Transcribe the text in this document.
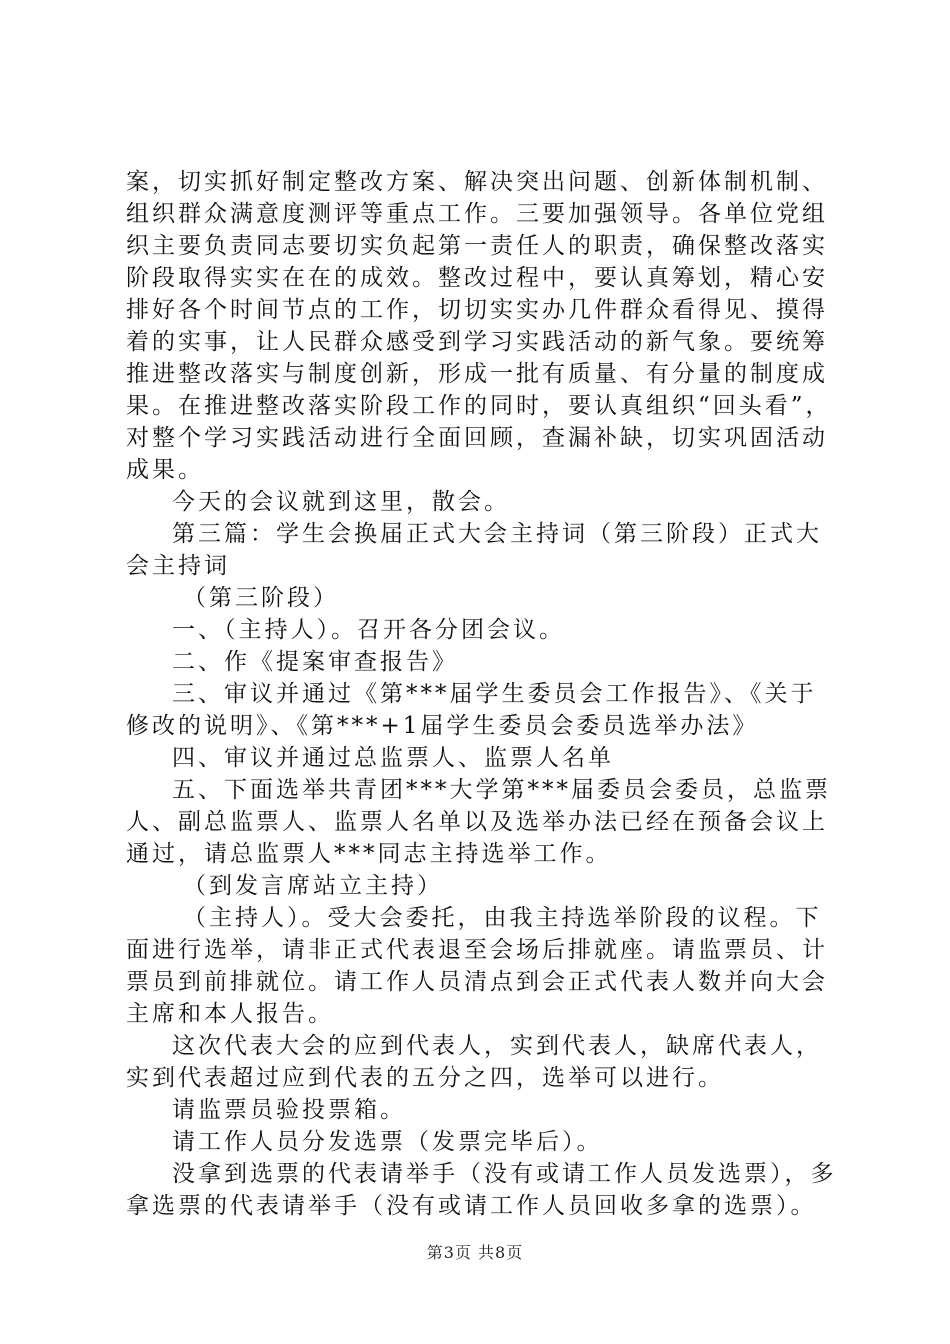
案，切实抓好制定整改方案、解决突出问题、创新体制机制、组织群众满意度测评等重点工作。三要加强领导。各单位党组织主要负责同志要切实负起第一责任人的职责，确保整改落实阶段取得实实在在的成效。整改过程中，要认真筹划，精心安排好各个时间节点的工作，切切实实办几件群众看得见、摸得着的实事，让人民群众感受到学习实践活动的新气象。要统筹推进整改落实与制度创新，形成一批有质量、有分量的制度成果。在推进整改落实阶段工作的同时，要认真组织“回头看”，对整个学习实践活动进行全面回顾，查漏补缺，切实巩固活动成果。

今天的会议就到这里，散会。

第三篇：学生会换届正式大会主持词（第三阶段）正式大会主持词

（第三阶段）

一、（主持人）。召开各分团会议。

二、作《提案审查报告》

三、审议并通过《第***届学生委员会工作报告》、《关于修改的说明》、《第***+1届学生委员会委员选举办法》

四、审议并通过总监票人、监票人名单

五、下面选举共青团***大学第***届委员会委员，总监票人、副总监票人、监票人名单以及选举办法已经在预备会议上通过，请总监票人***同志主持选举工作。

（到发言席站立主持）

（主持人）。受大会委托，由我主持选举阶段的议程。下面进行选举，请非正式代表退至会场后排就座。请监票员、计票员到前排就位。请工作人员清点到会正式代表人数并向大会主席和本人报告。

这次代表大会的应到代表人，实到代表人，缺席代表人，实到代表超过应到代表的五分之四，选举可以进行。

请监票员验投票箱。

请工作人员分发选票（发票完毕后）。

没拿到选票的代表请举手（没有或请工作人员发选票），多拿选票的代表请举手（没有或请工作人员回收多拿的选票）。

第3页 共8页
